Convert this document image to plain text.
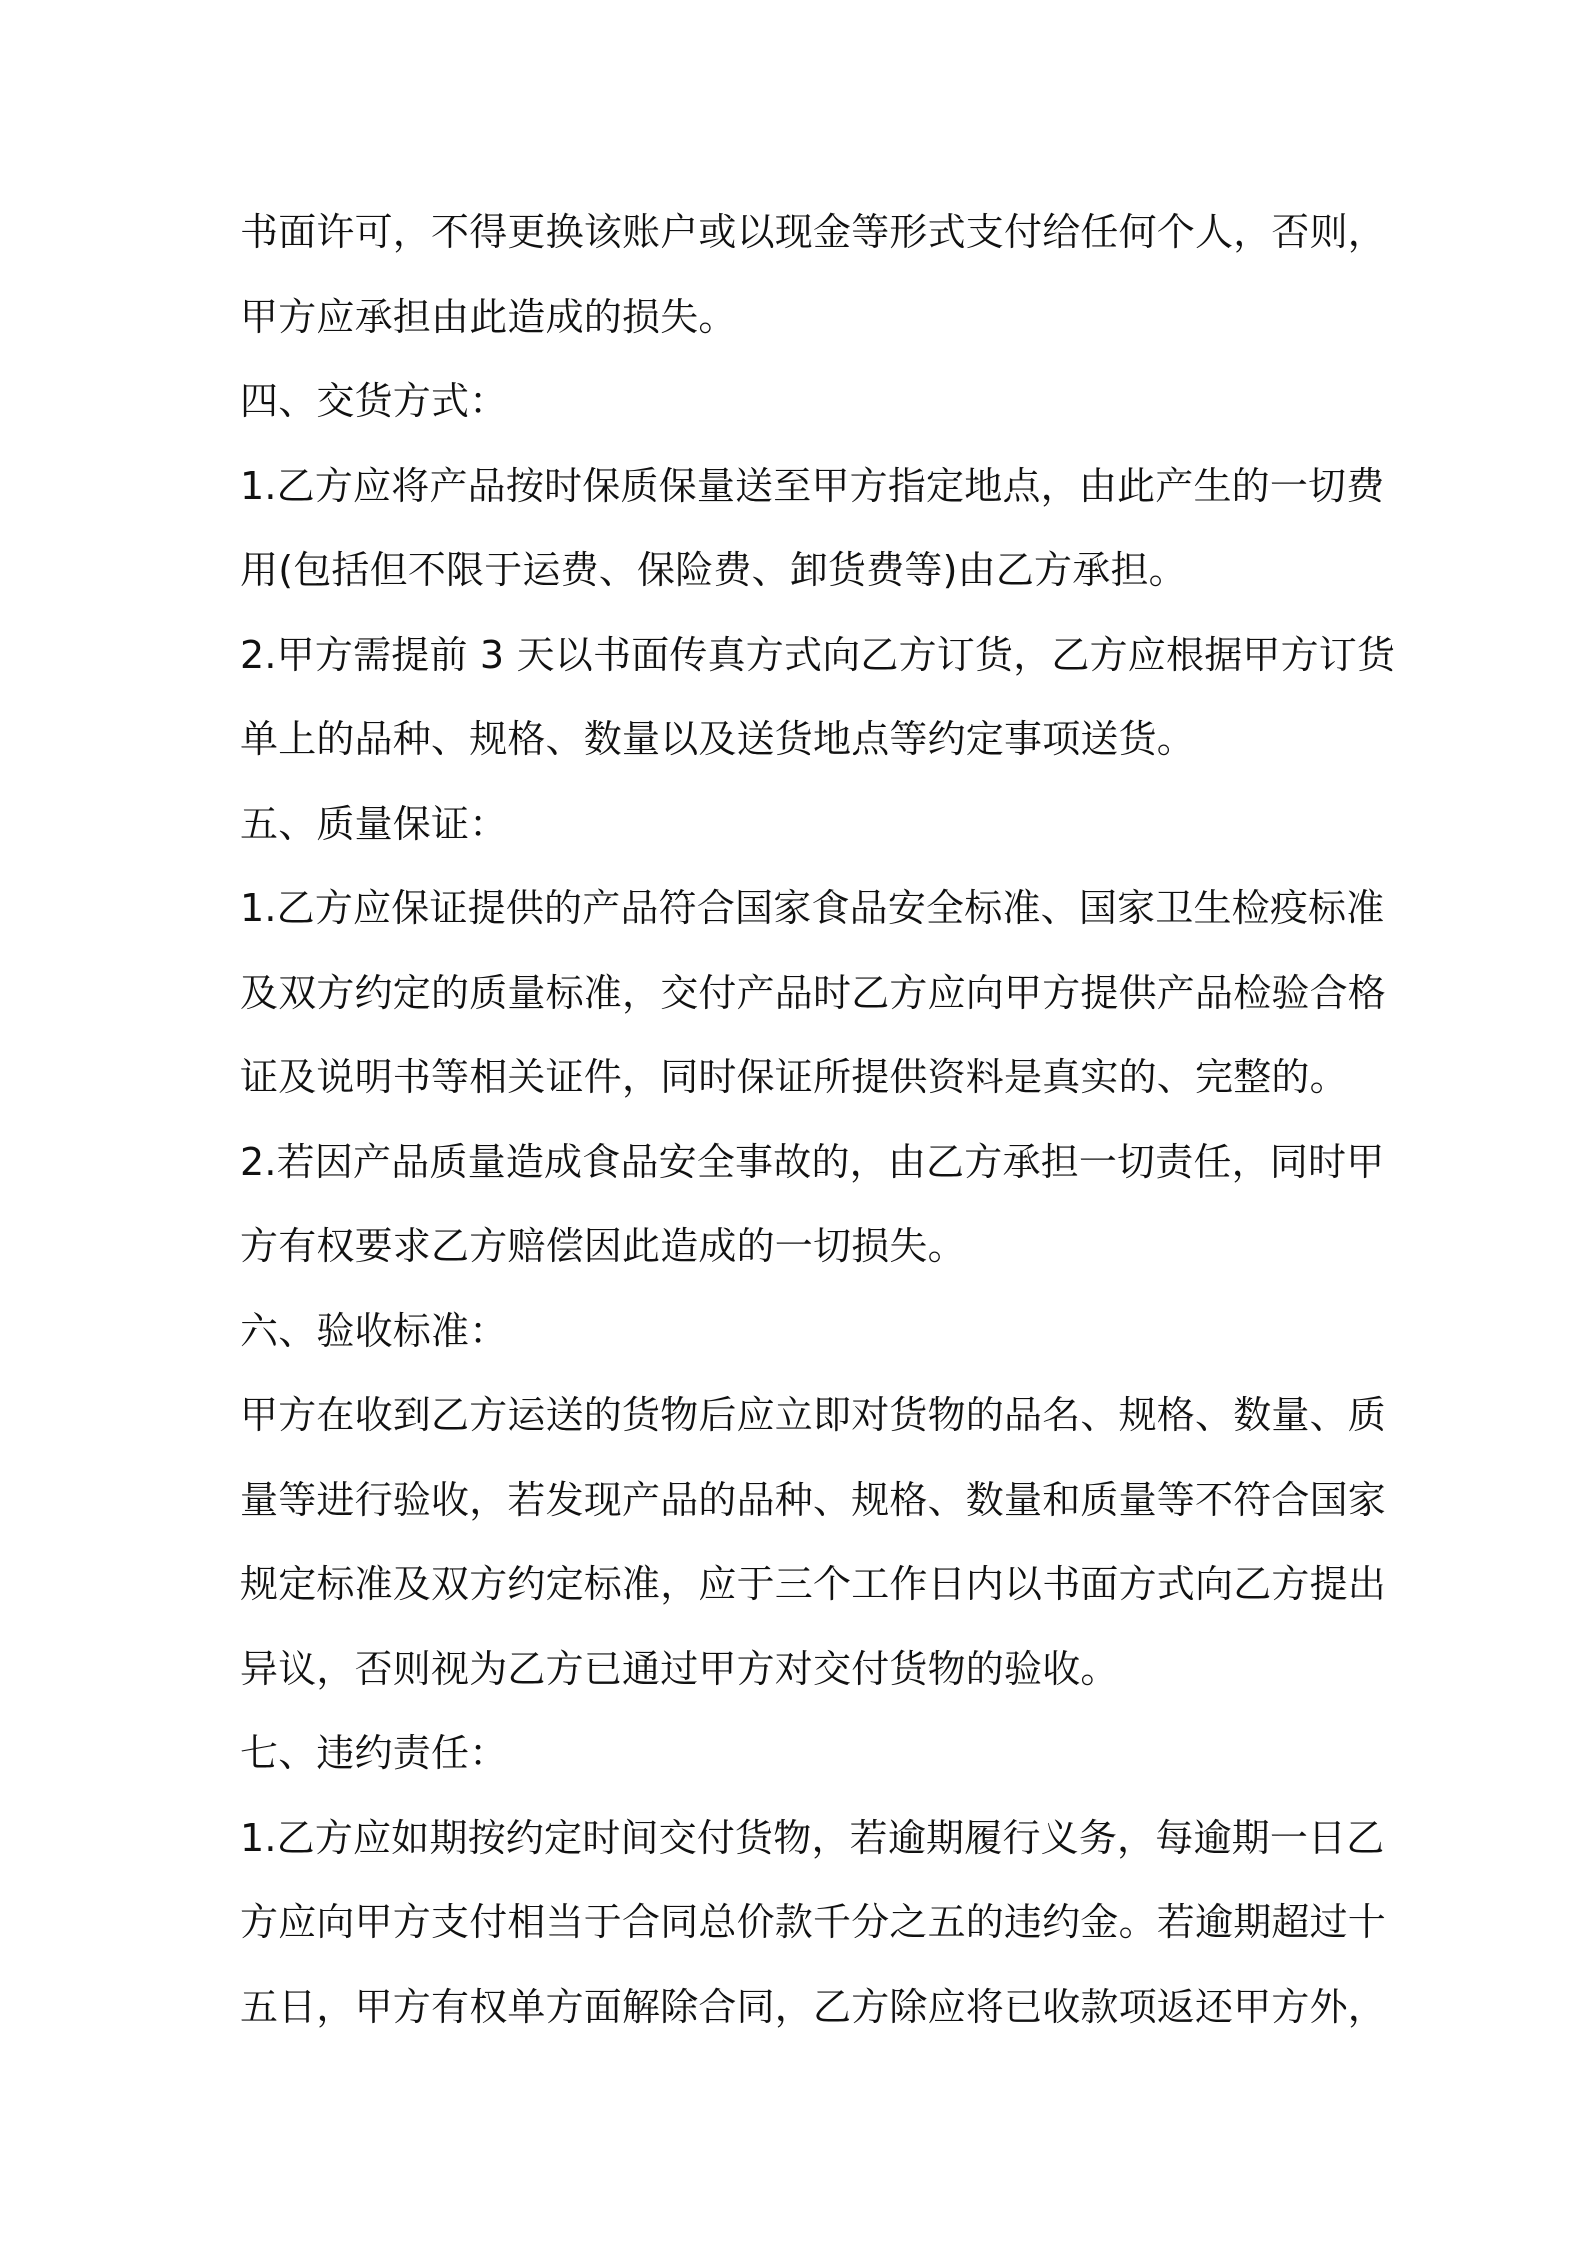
书面许可，不得更换该账户或以现金等形式支付给任何个人，否则，

甲方应承担由此造成的损失。

四、交货方式：

1.乙方应将产品按时保质保量送至甲方指定地点，由此产生的一切费

用(包括但不限于运费、保险费、卸货费等)由乙方承担。

2.甲方需提前 3 天以书面传真方式向乙方订货，乙方应根据甲方订货

单上的品种、规格、数量以及送货地点等约定事项送货。

五、质量保证：

1.乙方应保证提供的产品符合国家食品安全标准、国家卫生检疫标准

及双方约定的质量标准，交付产品时乙方应向甲方提供产品检验合格

证及说明书等相关证件，同时保证所提供资料是真实的、完整的。

2.若因产品质量造成食品安全事故的，由乙方承担一切责任，同时甲

方有权要求乙方赔偿因此造成的一切损失。

六、验收标准：

甲方在收到乙方运送的货物后应立即对货物的品名、规格、数量、质

量等进行验收，若发现产品的品种、规格、数量和质量等不符合国家

规定标准及双方约定标准，应于三个工作日内以书面方式向乙方提出

异议，否则视为乙方已通过甲方对交付货物的验收。

七、违约责任：

1.乙方应如期按约定时间交付货物，若逾期履行义务，每逾期一日乙

方应向甲方支付相当于合同总价款千分之五的违约金。若逾期超过十

五日，甲方有权单方面解除合同，乙方除应将已收款项返还甲方外，
